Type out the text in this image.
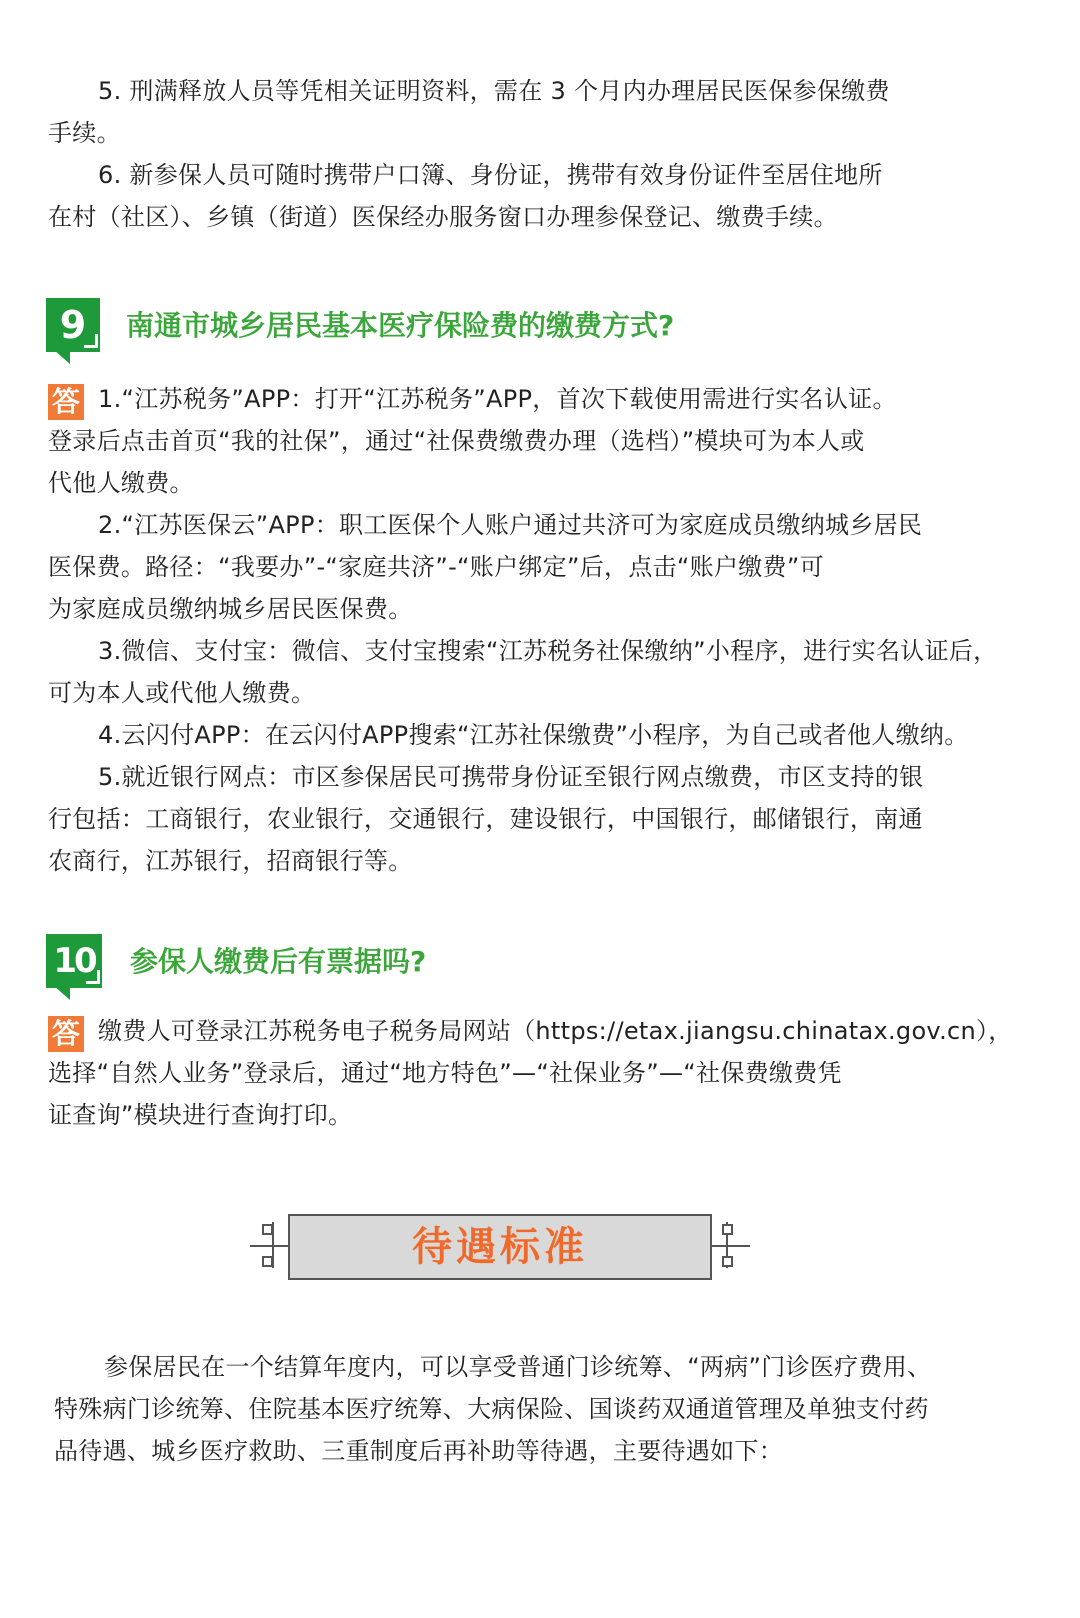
5. 刑满释放人员等凭相关证明资料，需在 3 个月内办理居民医保参保缴费

手续。

6. 新参保人员可随时携带户口簿、身份证，携带有效身份证件至居住地所

在村（社区）、乡镇（街道）医保经办服务窗口办理参保登记、缴费手续。

9	南通市城乡居民基本医疗保险费的缴费方式?

答 1.“江苏税务”APP：打开“江苏税务”APP，首次下载使用需进行实名认证。

登录后点击首页“我的社保”，通过“社保费缴费办理（选档）”模块可为本人或

代他人缴费。

2.“江苏医保云”APP：职工医保个人账户通过共济可为家庭成员缴纳城乡居民

医保费。路径：“我要办”-“家庭共济”-“账户绑定”后，点击“账户缴费”可

为家庭成员缴纳城乡居民医保费。

3.微信、支付宝：微信、支付宝搜索“江苏税务社保缴纳”小程序，进行实名认证后，

可为本人或代他人缴费。

4.云闪付APP：在云闪付APP搜索“江苏社保缴费”小程序，为自己或者他人缴纳。

5.就近银行网点：市区参保居民可携带身份证至银行网点缴费，市区支持的银

行包括：工商银行，农业银行，交通银行，建设银行，中国银行，邮储银行，南通

农商行，江苏银行，招商银行等。

10 参保人缴费后有票据吗?

答 缴费人可登录江苏税务电子税务局网站（https://etax.jiangsu.chinatax.gov.cn），

选择“自然人业务”登录后，通过“地方特色”—“社保业务”—“社保费缴费凭

证查询”模块进行查询打印。

待遇标准

参保居民在一个结算年度内，可以享受普通门诊统筹、“两病”门诊医疗费用、

特殊病门诊统筹、住院基本医疗统筹、大病保险、国谈药双通道管理及单独支付药

品待遇、城乡医疗救助、三重制度后再补助等待遇，主要待遇如下：
